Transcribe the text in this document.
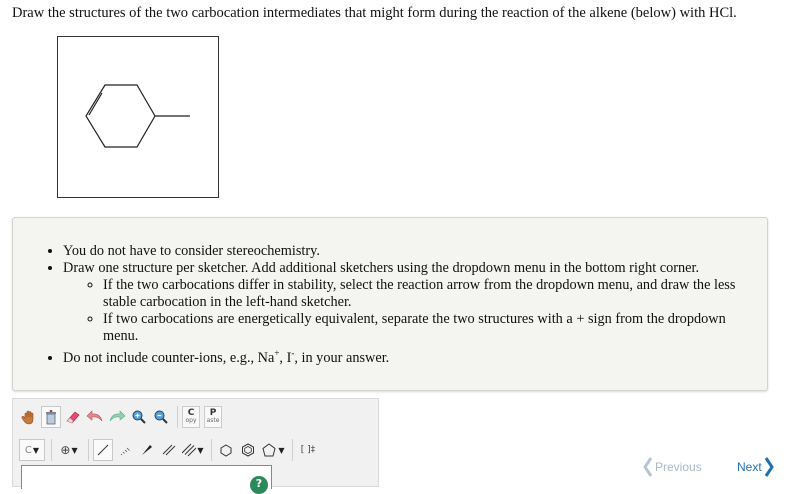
Draw the structures of the two carbocation intermediates that might form during the reaction of the alkene (below) with HCl.
• You do not have to consider stereochemistry.
• Draw one structure per sketcher. Add additional sketchers using the dropdown menu in the bottom right corner.
◦ If the two carbocations differ in stability, select the reaction arrow from the dropdown menu, and draw the less stable carbocation in the left-hand sketcher.
◦ If two carbocations are energetically equivalent, separate the two structures with a + sign from the dropdown menu.
• Do not include counter-ions, e.g., Na+, I-, in your answer.
C
opy
P
aste
C ▼ ⊕ ▼	▼	▼ [ ]‡
?
Previous	Next
